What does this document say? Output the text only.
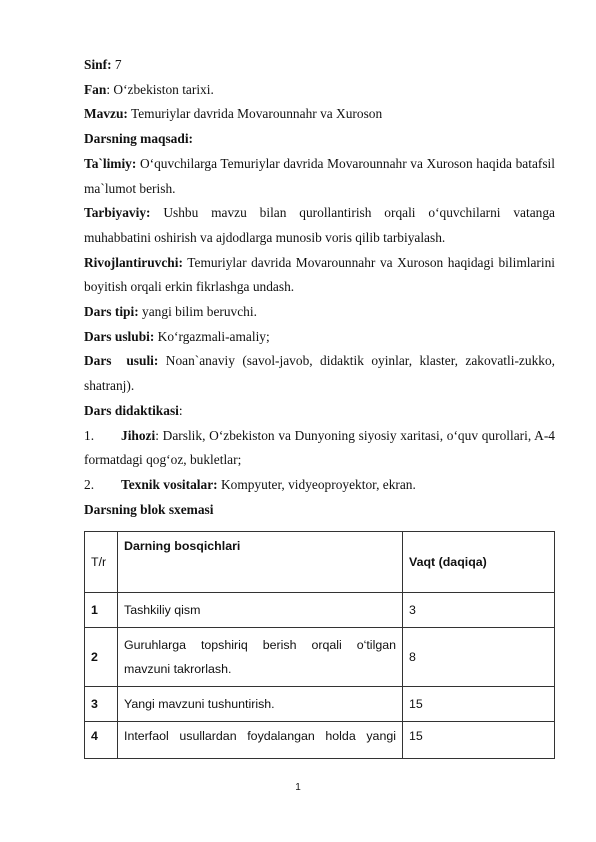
Sinf: 7
Fan: O‘zbekiston tarixi.
Mavzu: Temuriylar davrida Movarounnahr va Xuroson
Darsning maqsadi:
Ta`limiy: O‘quvchilarga Temuriylar davrida Movarounnahr va Xuroson haqida batafsil ma`lumot berish.
Tarbiyaviy: Ushbu mavzu bilan qurollantirish orqali o‘quvchilarni vatanga muhabbatini oshirish va ajdodlarga munosib voris qilib tarbiyalash.
Rivojlantiruvchi: Temuriylar davrida Movarounnahr va Xuroson haqidagi bilimlarini boyitish orqali erkin fikrlashga undash.
Dars tipi: yangi bilim beruvchi.
Dars uslubi: Ko‘rgazmali-amaliy;
Dars  usuli: Noan`anaviy (savol-javob, didaktik oyinlar, klaster, zakovatli-zukko, shatranj).
Dars didaktikasi:
1. Jihozi: Darslik, O‘zbekiston va Dunyoning siyosiy xaritasi, o‘quv qurollari, A-4 formatdagi qog‘oz, bukletlar;
2. Texnik vositalar: Kompyuter, vidyeoproyektor, ekran.
Darsning blok sxemasi
T/r	Darning bosqichlari	Vaqt (daqiqa)
1	Tashkiliy qism	3
2	Guruhlarga topshiriq berish orqali o‘tilgan mavzuni takrorlash.	8
3	Yangi mavzuni tushuntirish.	15
4	Interfaol usullardan foydalangan holda yangi	15
1
